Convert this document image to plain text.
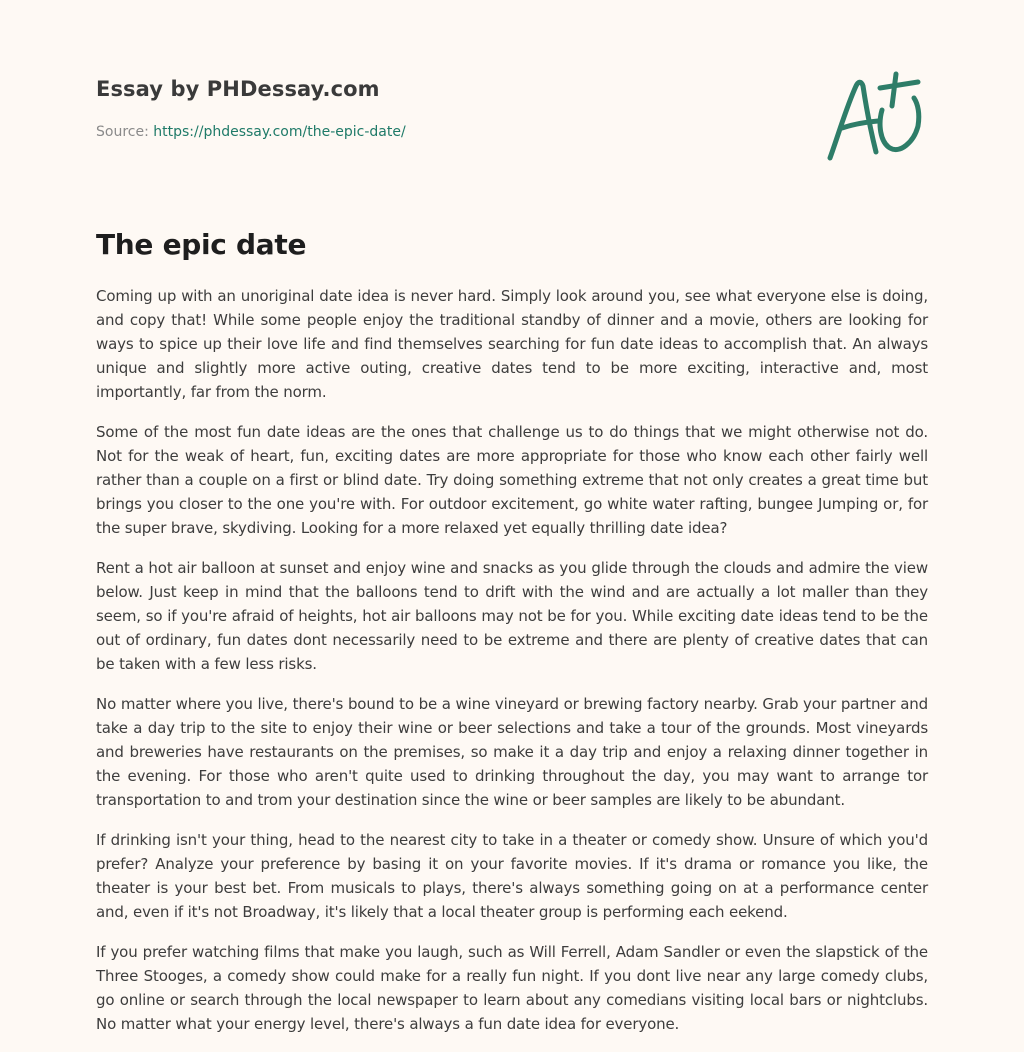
Essay by PHDessay.com
Source: https://phdessay.com/the-epic-date/
The epic date

Coming up with an unoriginal date idea is never hard. Simply look around you, see what everyone else is doing, and copy that! While some people enjoy the traditional standby of dinner and a movie, others are looking for ways to spice up their love life and find themselves searching for fun date ideas to accomplish that. An always unique and slightly more active outing, creative dates tend to be more exciting, interactive and, most importantly, far from the norm.

Some of the most fun date ideas are the ones that challenge us to do things that we might otherwise not do. Not for the weak of heart, fun, exciting dates are more appropriate for those who know each other fairly well rather than a couple on a first or blind date. Try doing something extreme that not only creates a great time but brings you closer to the one you're with. For outdoor excitement, go white water rafting, bungee Jumping or, for the super brave, skydiving. Looking for a more relaxed yet equally thrilling date idea?

Rent a hot air balloon at sunset and enjoy wine and snacks as you glide through the clouds and admire the view below. Just keep in mind that the balloons tend to drift with the wind and are actually a lot maller than they seem, so if you're afraid of heights, hot air balloons may not be for you. While exciting date ideas tend to be the out of ordinary, fun dates dont necessarily need to be extreme and there are plenty of creative dates that can be taken with a few less risks.

No matter where you live, there's bound to be a wine vineyard or brewing factory nearby. Grab your partner and take a day trip to the site to enjoy their wine or beer selections and take a tour of the grounds. Most vineyards and breweries have restaurants on the premises, so make it a day trip and enjoy a relaxing dinner together in the evening. For those who aren't quite used to drinking throughout the day, you may want to arrange tor transportation to and trom your destination since the wine or beer samples are likely to be abundant.

If drinking isn't your thing, head to the nearest city to take in a theater or comedy show. Unsure of which you'd prefer? Analyze your preference by basing it on your favorite movies. If it's drama or romance you like, the theater is your best bet. From musicals to plays, there's always something going on at a performance center and, even if it's not Broadway, it's likely that a local theater group is performing each eekend.

If you prefer watching films that make you laugh, such as Will Ferrell, Adam Sandler or even the slapstick of the Three Stooges, a comedy show could make for a really fun night. If you dont live near any large comedy clubs, go online or search through the local newspaper to learn about any comedians visiting local bars or nightclubs. No matter what your energy level, there's always a fun date idea for everyone.
